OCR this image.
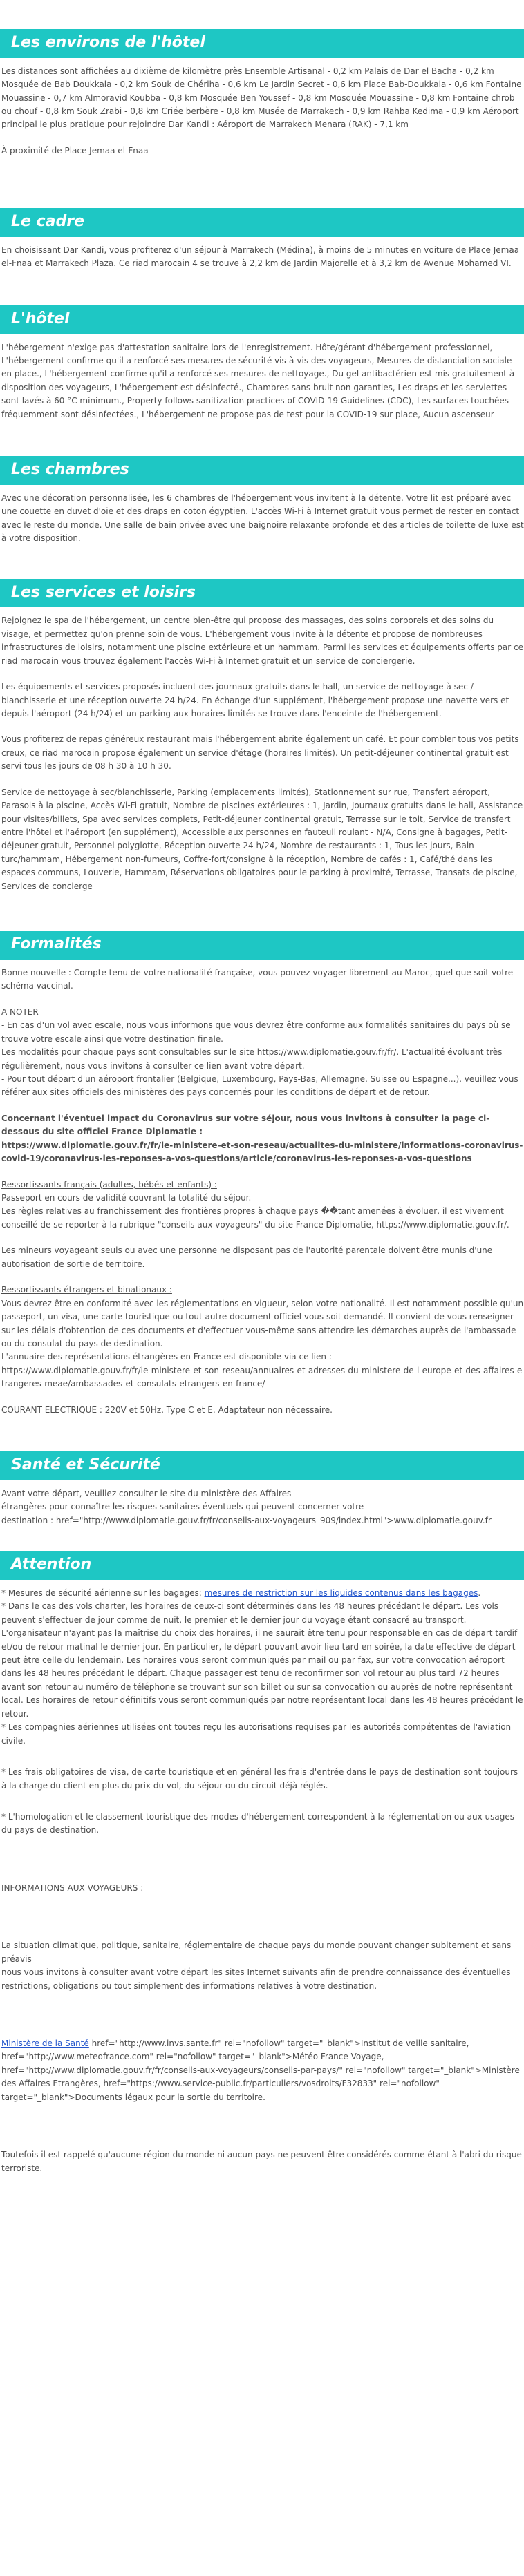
Les environs de l'hôtel

Les distances sont affichées au dixième de kilomètre près Ensemble Artisanal - 0,2 km Palais de Dar el Bacha - 0,2 km Mosquée de Bab Doukkala - 0,2 km Souk de Chériha - 0,6 km Le Jardin Secret - 0,6 km Place Bab-Doukkala - 0,6 km Fontaine Mouassine - 0,7 km Almoravid Koubba - 0,8 km Mosquée Ben Youssef - 0,8 km Mosquée Mouassine - 0,8 km Fontaine chrob ou chouf - 0,8 km Souk Zrabi - 0,8 km Criée berbère - 0,8 km Musée de Marrakech - 0,9 km Rahba Kedima - 0,9 km Aéroport principal le plus pratique pour rejoindre Dar Kandi : Aéroport de Marrakech Menara (RAK) - 7,1 km

À proximité de Place Jemaa el-Fnaa

Le cadre

En choisissant Dar Kandi, vous profiterez d'un séjour à Marrakech (Médina), à moins de 5 minutes en voiture de Place Jemaa el-Fnaa et Marrakech Plaza. Ce riad marocain 4 se trouve à 2,2 km de Jardin Majorelle et à 3,2 km de Avenue Mohamed VI.

L'hôtel

L'hébergement n'exige pas d'attestation sanitaire lors de l'enregistrement. Hôte/gérant d'hébergement professionnel, L'hébergement confirme qu'il a renforcé ses mesures de sécurité vis-à-vis des voyageurs, Mesures de distanciation sociale en place., L'hébergement confirme qu'il a renforcé ses mesures de nettoyage., Du gel antibactérien est mis gratuitement à disposition des voyageurs, L'hébergement est désinfecté., Chambres sans bruit non garanties, Les draps et les serviettes sont lavés à 60 °C minimum., Property follows sanitization practices of COVID-19 Guidelines (CDC), Les surfaces touchées fréquemment sont désinfectées., L'hébergement ne propose pas de test pour la COVID-19 sur place, Aucun ascenseur

Les chambres

Avec une décoration personnalisée, les 6 chambres de l'hébergement vous invitent à la détente. Votre lit est préparé avec une couette en duvet d'oie et des draps en coton égyptien. L'accès Wi-Fi à Internet gratuit vous permet de rester en contact avec le reste du monde. Une salle de bain privée avec une baignoire relaxante profonde et des articles de toilette de luxe est à votre disposition.

Les services et loisirs

Rejoignez le spa de l'hébergement, un centre bien-être qui propose des massages, des soins corporels et des soins du visage, et permettez qu'on prenne soin de vous. L'hébergement vous invite à la détente et propose de nombreuses infrastructures de loisirs, notamment une piscine extérieure et un hammam. Parmi les services et équipements offerts par ce riad marocain vous trouvez également l'accès Wi-Fi à Internet gratuit et un service de conciergerie.

Les équipements et services proposés incluent des journaux gratuits dans le hall, un service de nettoyage à sec / blanchisserie et une réception ouverte 24 h/24. En échange d'un supplément, l'hébergement propose une navette vers et depuis l'aéroport (24 h/24) et un parking aux horaires limités se trouve dans l'enceinte de l'hébergement.

Vous profiterez de repas généreux restaurant mais l'hébergement abrite également un café. Et pour combler tous vos petits creux, ce riad marocain propose également un service d'étage (horaires limités). Un petit-déjeuner continental gratuit est servi tous les jours de 08 h 30 à 10 h 30.

Service de nettoyage à sec/blanchisserie, Parking (emplacements limités), Stationnement sur rue, Transfert aéroport, Parasols à la piscine, Accès Wi-Fi gratuit, Nombre de piscines extérieures : 1, Jardin, Journaux gratuits dans le hall, Assistance pour visites/billets, Spa avec services complets, Petit-déjeuner continental gratuit, Terrasse sur le toit, Service de transfert entre l'hôtel et l'aéroport (en supplément), Accessible aux personnes en fauteuil roulant - N/A, Consigne à bagages, Petit-déjeuner gratuit, Personnel polyglotte, Réception ouverte 24 h/24, Nombre de restaurants : 1, Tous les jours, Bain turc/hammam, Hébergement non-fumeurs, Coffre-fort/consigne à la réception, Nombre de cafés : 1, Café/thé dans les espaces communs, Louverie, Hammam, Réservations obligatoires pour le parking à proximité, Terrasse, Transats de piscine, Services de concierge

Formalités

Bonne nouvelle : Compte tenu de votre nationalité française, vous pouvez voyager librement au Maroc, quel que soit votre schéma vaccinal.

A NOTER
- En cas d'un vol avec escale, nous vous informons que vous devrez être conforme aux formalités sanitaires du pays où se trouve votre escale ainsi que votre destination finale.
Les modalités pour chaque pays sont consultables sur le site https://www.diplomatie.gouv.fr/fr/. L'actualité évoluant très régulièrement, nous vous invitons à consulter ce lien avant votre départ.
- Pour tout départ d'un aéroport frontalier (Belgique, Luxembourg, Pays-Bas, Allemagne, Suisse ou Espagne...), veuillez vous référer aux sites officiels des ministères des pays concernés pour les conditions de départ et de retour.
Concernant l'éventuel impact du Coronavirus sur votre séjour, nous vous invitons à consulter la page ci-dessous du site officiel France Diplomatie :
https://www.diplomatie.gouv.fr/fr/le-ministere-et-son-reseau/actualites-du-ministere/informations-coronavirus-covid-19/coronavirus-les-reponses-a-vos-questions/article/coronavirus-les-reponses-a-vos-questions
Ressortissants français (adultes, bébés et enfants) :
Passeport en cours de validité couvrant la totalité du séjour.
Les règles relatives au franchissement des frontières propres à chaque pays ��tant amenées à évoluer, il est vivement conseillé de se reporter à la rubrique "conseils aux voyageurs" du site France Diplomatie, https://www.diplomatie.gouv.fr/.

Les mineurs voyageant seuls ou avec une personne ne disposant pas de l'autorité parentale doivent être munis d'une autorisation de sortie de territoire.

Ressortissants étrangers et binationaux :
Vous devrez être en conformité avec les réglementations en vigueur, selon votre nationalité. Il est notamment possible qu'un passeport, un visa, une carte touristique ou tout autre document officiel vous soit demandé. Il convient de vous renseigner sur les délais d'obtention de ces documents et d'effectuer vous-même sans attendre les démarches auprès de l'ambassade ou du consulat du pays de destination.
L'annuaire des représentations étrangères en France est disponible via ce lien :
https://www.diplomatie.gouv.fr/fr/le-ministere-et-son-reseau/annuaires-et-adresses-du-ministere-de-l-europe-et-des-affaires-etrangeres-meae/ambassades-et-consulats-etrangers-en-france/

COURANT ELECTRIQUE : 220V et 50Hz, Type C et E. Adaptateur non nécessaire.

Santé et Sécurité
Avant votre départ, veuillez consulter le site du ministère des Affaires
étrangères pour connaître les risques sanitaires éventuels qui peuvent concerner votre
destination : href="http://www.diplomatie.gouv.fr/fr/conseils-aux-voyageurs_909/index.html">www.diplomatie.gouv.fr
Attention
* Mesures de sécurité aérienne sur les bagages: mesures de restriction sur les liquides contenus dans les bagages.
* Dans le cas des vols charter, les horaires de ceux-ci sont déterminés dans les 48 heures précédant le départ. Les vols peuvent s'effectuer de jour comme de nuit, le premier et le dernier jour du voyage étant consacré au transport. L'organisateur n'ayant pas la maîtrise du choix des horaires, il ne saurait être tenu pour responsable en cas de départ tardif et/ou de retour matinal le dernier jour. En particulier, le départ pouvant avoir lieu tard en soirée, la date effective de départ peut être celle du lendemain. Les horaires vous seront communiqués par mail ou par fax, sur votre convocation aéroport dans les 48 heures précédant le départ. Chaque passager est tenu de reconfirmer son vol retour au plus tard 72 heures avant son retour au numéro de téléphone se trouvant sur son billet ou sur sa convocation ou auprès de notre représentant local. Les horaires de retour définitifs vous seront communiqués par notre représentant local dans les 48 heures précédant le retour.

* Les compagnies aériennes utilisées ont toutes reçu les autorisations requises par les autorités compétentes de l'aviation civile.

* Les frais obligatoires de visa, de carte touristique et en général les frais d'entrée dans le pays de destination sont toujours à la charge du client en plus du prix du vol, du séjour ou du circuit déjà réglés.

* L'homologation et le classement touristique des modes d'hébergement correspondent à la réglementation ou aux usages du pays de destination.

INFORMATIONS AUX VOYAGEURS :

La situation climatique, politique, sanitaire, réglementaire de chaque pays du monde pouvant changer subitement et sans préavis

nous vous invitons à consulter avant votre départ les sites Internet suivants afin de prendre connaissance des éventuelles restrictions, obligations ou tout simplement des informations relatives à votre destination.

Ministère de la Santé href="http://www.invs.sante.fr" rel="nofollow" target="_blank">Institut de veille sanitaire, href="http://www.meteofrance.com" rel="nofollow" target="_blank">Météo France Voyage, href="http://www.diplomatie.gouv.fr/fr/conseils-aux-voyageurs/conseils-par-pays/" rel="nofollow" target="_blank">Ministère des Affaires Etrangères, href="https://www.service-public.fr/particuliers/vosdroits/F32833" rel="nofollow" target="_blank">Documents légaux pour la sortie du territoire.

Toutefois il est rappelé qu'aucune région du monde ni aucun pays ne peuvent être considérés comme étant à l'abri du risque terroriste.
